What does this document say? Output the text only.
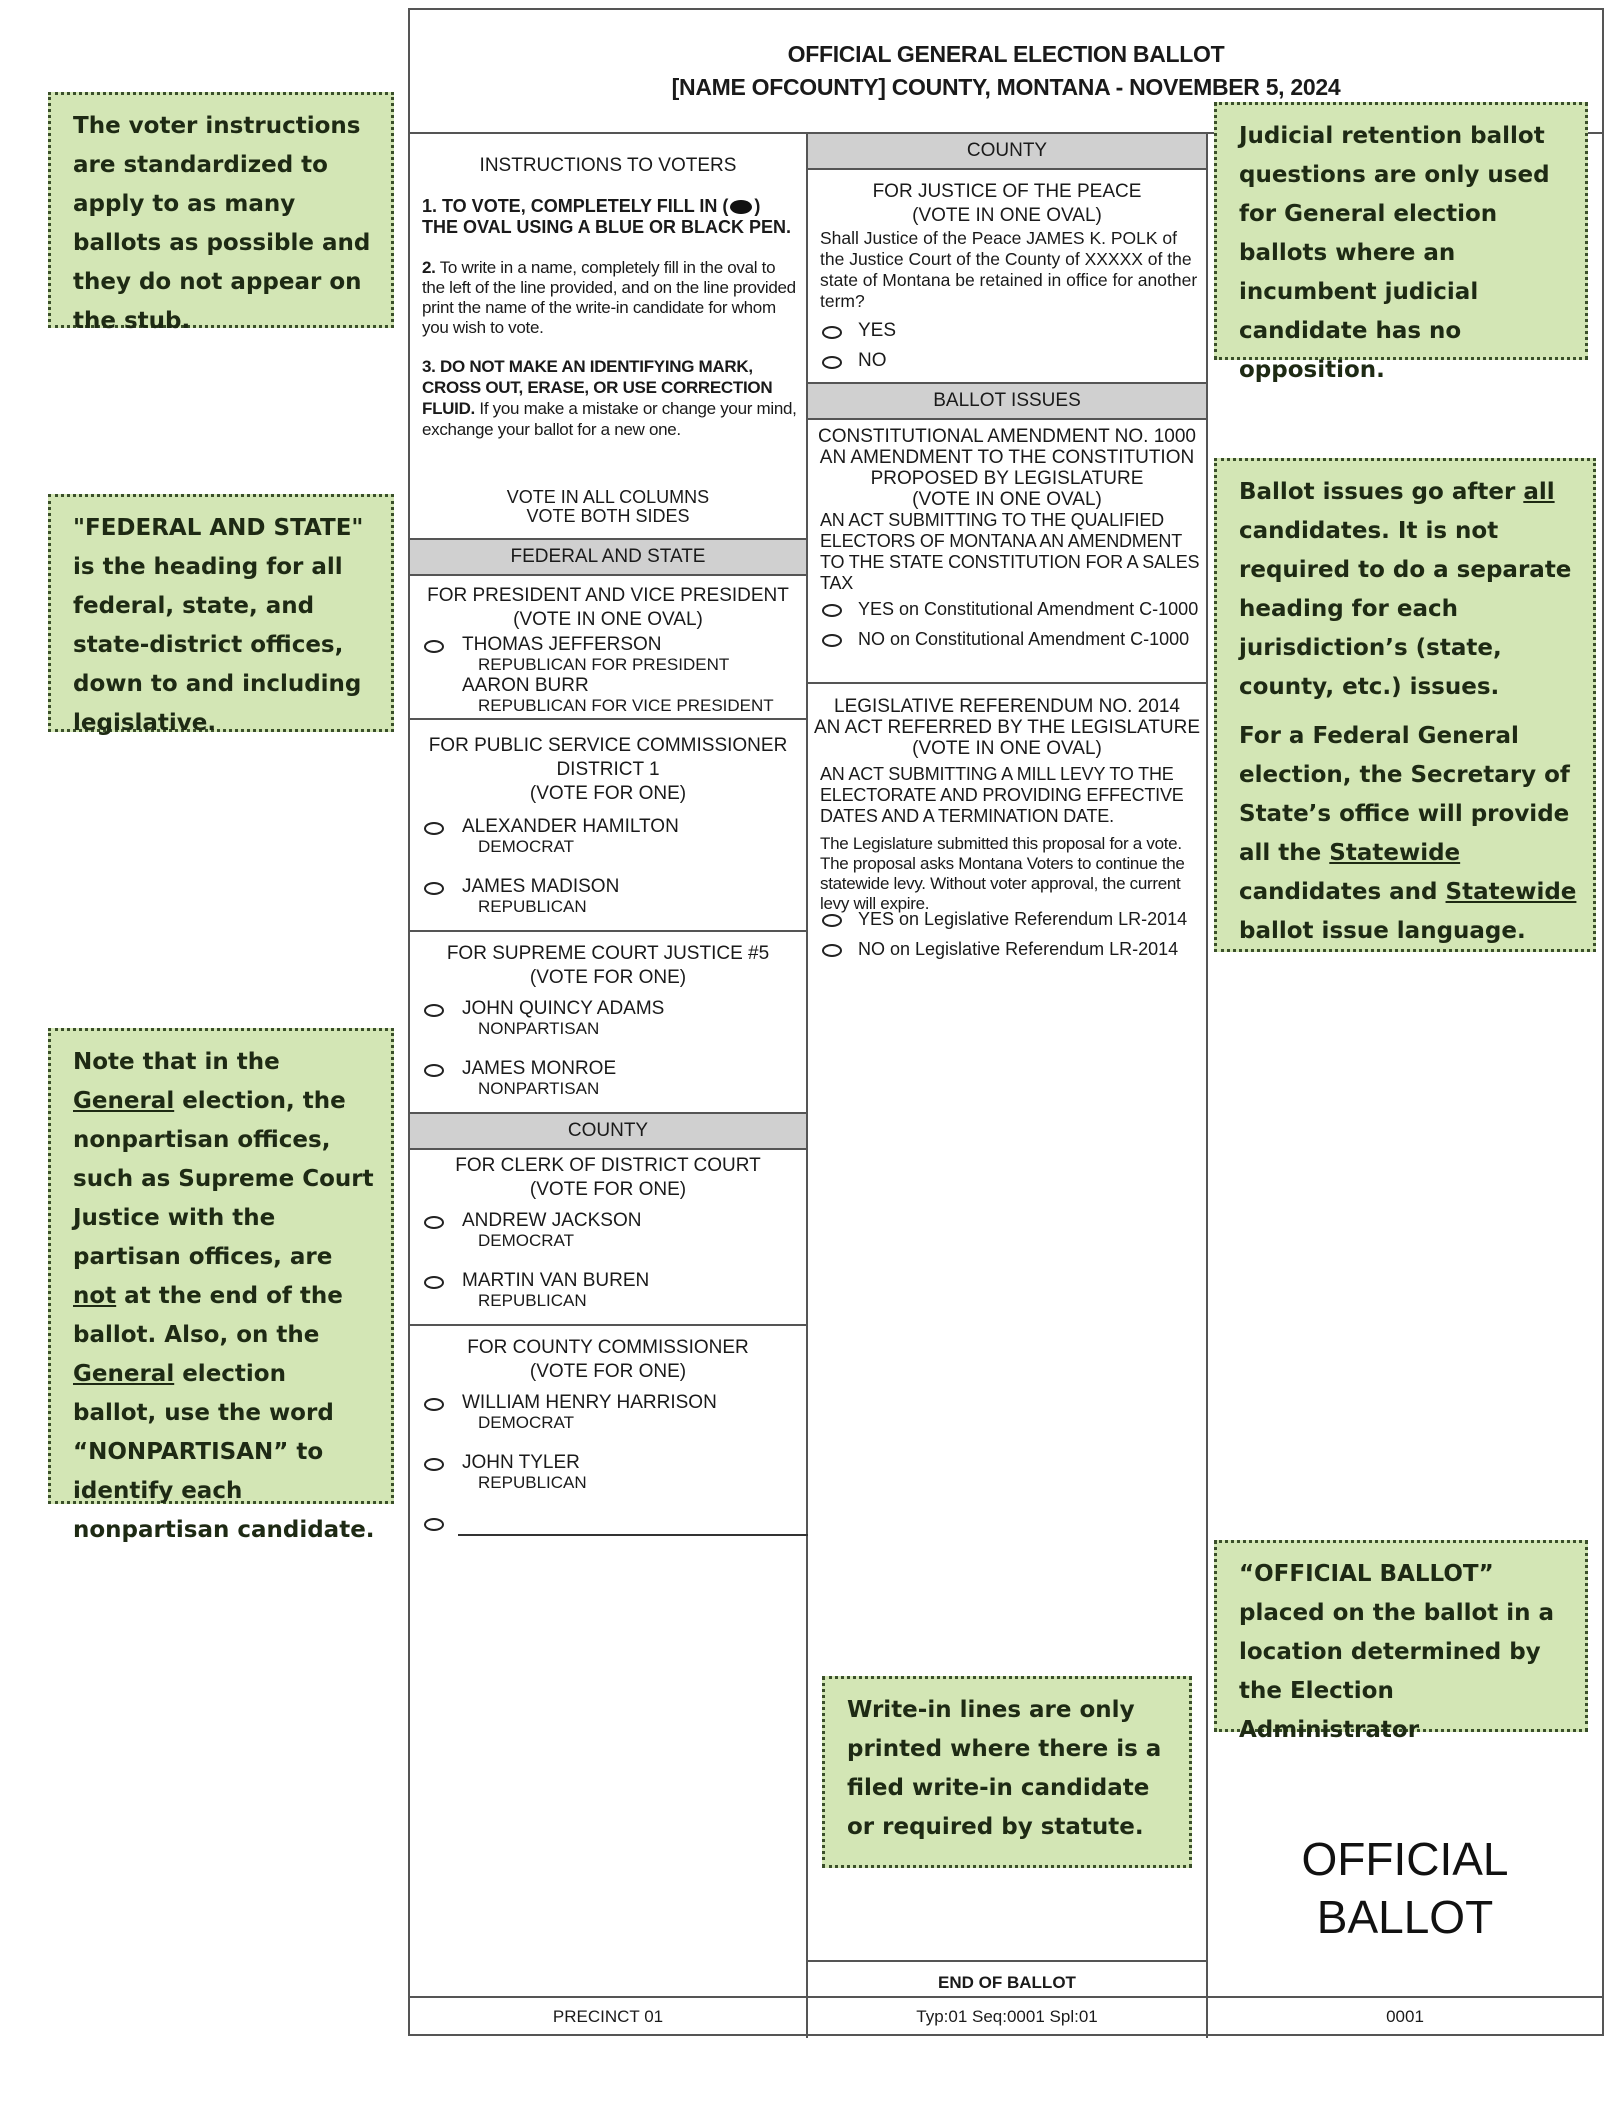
OFFICIAL GENERAL ELECTION BALLOT
[NAME OFCOUNTY] COUNTY, MONTANA - NOVEMBER 5, 2024
INSTRUCTIONS TO VOTERS
1. TO VOTE, COMPLETELY FILL IN ( )
THE OVAL USING A BLUE OR BLACK PEN.
2. To write in a name, completely fill in the oval to the left of the line provided, and on the line provided print the name of the write-in candidate for whom you wish to vote.
3. DO NOT MAKE AN IDENTIFYING MARK, CROSS OUT, ERASE, OR USE CORRECTION FLUID. If you make a mistake or change your mind, exchange your ballot for a new one.
VOTE IN ALL COLUMNS
VOTE BOTH SIDES
FEDERAL AND STATE
FOR PRESIDENT AND VICE PRESIDENT
(VOTE IN ONE OVAL)
THOMAS JEFFERSON
REPUBLICAN FOR PRESIDENT
AARON BURR
REPUBLICAN FOR VICE PRESIDENT
FOR PUBLIC SERVICE COMMISSIONER
DISTRICT 1
(VOTE FOR ONE)
ALEXANDER HAMILTON
DEMOCRAT
JAMES MADISON
REPUBLICAN
FOR SUPREME COURT JUSTICE #5
(VOTE FOR ONE)
JOHN QUINCY ADAMS
NONPARTISAN
JAMES MONROE
NONPARTISAN
COUNTY
FOR CLERK OF DISTRICT COURT
(VOTE FOR ONE)
ANDREW JACKSON
DEMOCRAT
MARTIN VAN BUREN
REPUBLICAN
FOR COUNTY COMMISSIONER
(VOTE FOR ONE)
WILLIAM HENRY HARRISON
DEMOCRAT
JOHN TYLER
REPUBLICAN
COUNTY
FOR JUSTICE OF THE PEACE
(VOTE IN ONE OVAL)
Shall Justice of the Peace JAMES K. POLK of the Justice Court of the County of XXXXX of the state of Montana be retained in office for another term?
YES
NO
BALLOT ISSUES
CONSTITUTIONAL AMENDMENT NO. 1000
AN AMENDMENT TO THE CONSTITUTION
PROPOSED BY LEGISLATURE
(VOTE IN ONE OVAL)
AN ACT SUBMITTING TO THE QUALIFIED ELECTORS OF MONTANA AN AMENDMENT TO THE STATE CONSTITUTION FOR A SALES TAX
YES on Constitutional Amendment C-1000
NO on Constitutional Amendment C-1000
LEGISLATIVE REFERENDUM NO. 2014
AN ACT REFERRED BY THE LEGISLATURE
(VOTE IN ONE OVAL)
AN ACT SUBMITTING A MILL LEVY TO THE ELECTORATE AND PROVIDING EFFECTIVE DATES AND A TERMINATION DATE.
The Legislature submitted this proposal for a vote. The proposal asks Montana Voters to continue the statewide levy. Without voter approval, the current levy will expire.
YES on Legislative Referendum LR-2014
NO on Legislative Referendum LR-2014
END OF BALLOT
OFFICIAL
BALLOT
PRECINCT 01	Typ:01 Seq:0001 Spl:01	0001

The voter instructions are standardized to apply to as many ballots as possible and they do not appear on the stub.

"FEDERAL AND STATE" is the heading for all federal, state, and state-district offices, down to and including legislative.

Note that in the General election, the nonpartisan offices, such as Supreme Court Justice with the partisan offices, are not at the end of the ballot. Also, on the General election ballot, use the word “NONPARTISAN” to identify each nonpartisan candidate.

Judicial retention ballot questions are only used for General election ballots where an incumbent judicial candidate has no opposition.

Ballot issues go after all candidates. It is not required to do a separate heading for each jurisdiction’s (state, county, etc.) issues.

For a Federal General election, the Secretary of State’s office will provide all the Statewide candidates and Statewide ballot issue language.

“OFFICIAL BALLOT” placed on the ballot in a location determined by the Election Administrator

Write-in lines are only printed where there is a filed write-in candidate or required by statute.
